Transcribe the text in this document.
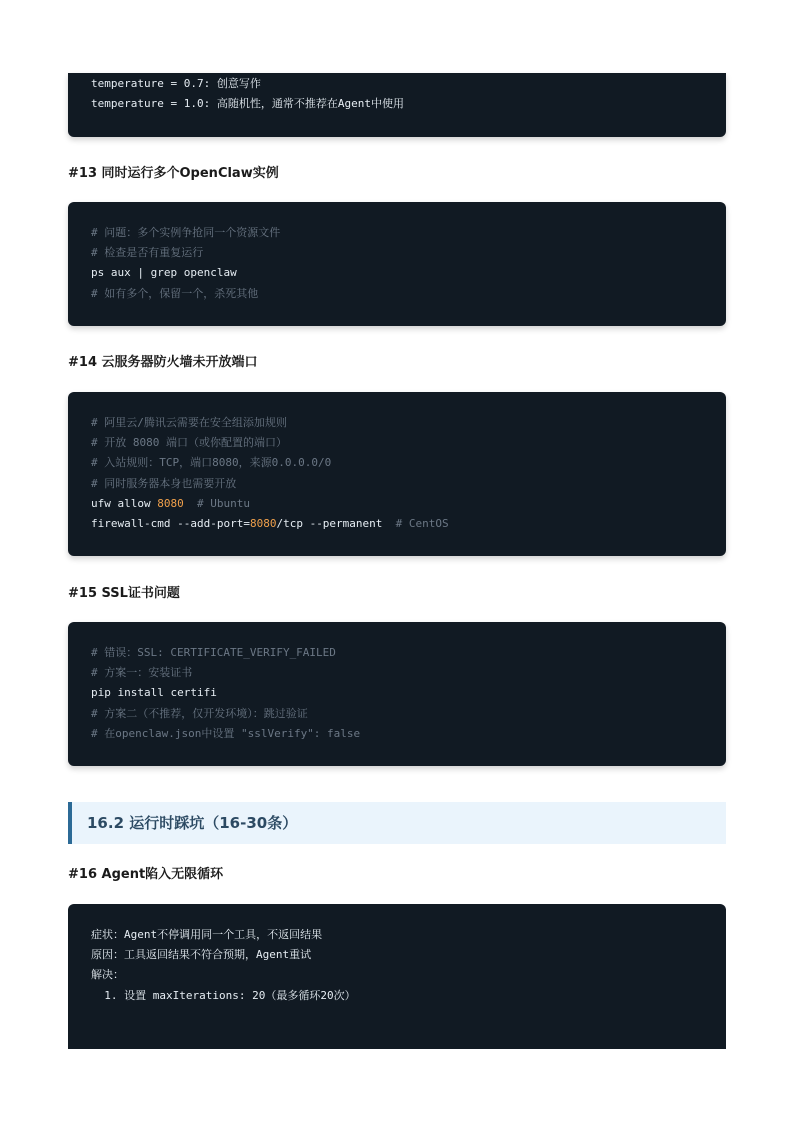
temperature = 0.7: 创意写作
temperature = 1.0: 高随机性，通常不推荐在Agent中使用
#13 同时运行多个OpenClaw实例
# 问题：多个实例争抢同一个资源文件
# 检查是否有重复运行
ps aux | grep openclaw
# 如有多个，保留一个，杀死其他
#14 云服务器防火墙未开放端口
# 阿里云/腾讯云需要在安全组添加规则
# 开放 8080 端口（或你配置的端口）
# 入站规则：TCP，端口8080，来源0.0.0.0/0
# 同时服务器本身也需要开放
ufw allow 8080  # Ubuntu
firewall-cmd --add-port=8080/tcp --permanent  # CentOS
#15 SSL证书问题
# 错误：SSL: CERTIFICATE_VERIFY_FAILED
# 方案一：安装证书
pip install certifi
# 方案二（不推荐，仅开发环境）：跳过验证
# 在openclaw.json中设置 "sslVerify": false
16.2 运行时踩坑（16-30条）
#16 Agent陷入无限循环
症状：Agent不停调用同一个工具，不返回结果
原因：工具返回结果不符合预期，Agent重试
解决：
1. 设置 maxIterations: 20（最多循环20次）
